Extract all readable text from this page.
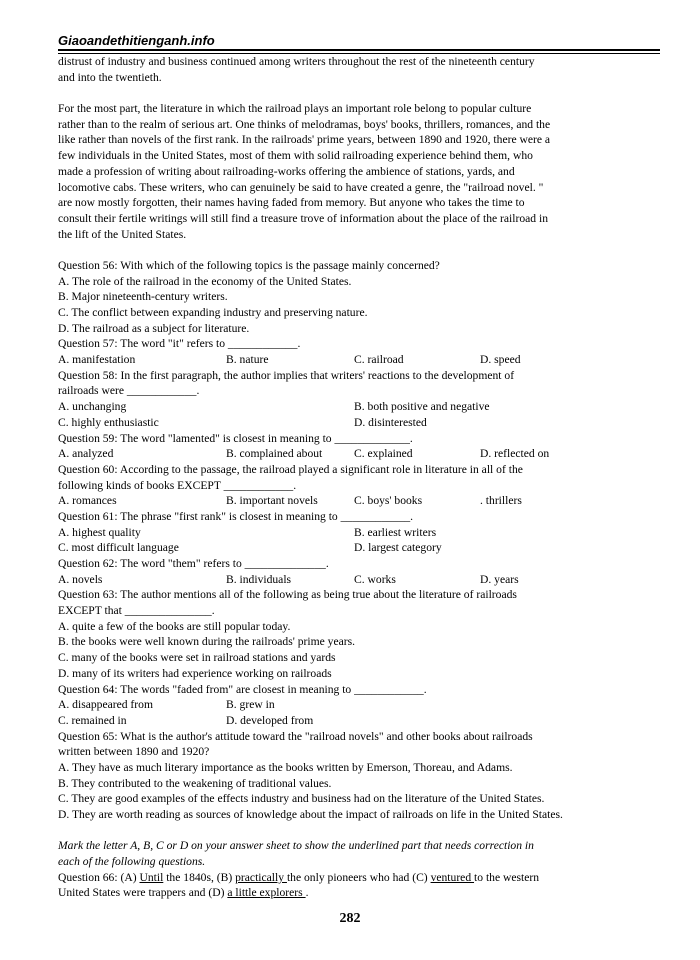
Giaoandethitienganh.info
distrust of industry and business continued among writers throughout the rest of the nineteenth century
and into the twentieth.
For the most part, the literature in which the railroad plays an important role belong to popular culture
rather than to the realm of serious art. One thinks of melodramas, boys' books, thrillers, romances, and the
like rather than novels of the first rank. In the railroads' prime years, between 1890 and 1920, there were a
few individuals in the United States, most of them with solid railroading experience behind them, who
made a profession of writing about railroading-works offering the ambience of stations, yards, and
locomotive cabs. These writers, who can genuinely be said to have created a genre, the "railroad novel. "
are now mostly forgotten, their names having faded from memory. But anyone who takes the time to
consult their fertile writings will still find a treasure trove of information about the place of the railroad in
the lift of the United States.
Question 56: With which of the following topics is the passage mainly concerned?
A. The role of the railroad in the economy of the United States.
B. Major nineteenth-century writers.
C. The conflict between expanding industry and preserving nature.
D. The railroad as a subject for literature.
Question 57: The word "it" refers to ____________.
A. manifestation	B. nature	C. railroad	D. speed
Question 58: In the first paragraph, the author implies that writers' reactions to the development of
railroads were ____________.
A. unchanging	B. both positive and negative
C. highly enthusiastic	D. disinterested
Question 59: The word "lamented" is closest in meaning to _____________.
A. analyzed	B. complained about	C. explained	D. reflected on
Question 60: According to the passage, the railroad played a significant role in literature in all of the
following kinds of books EXCEPT ____________.
A. romances	B. important novels	C. boys' books	. thrillers
Question 61: The phrase "first rank" is closest in meaning to ____________.
A. highest quality	B. earliest writers
C. most difficult language	D. largest category
Question 62: The word "them" refers to ______________.
A. novels	B. individuals	C. works	D. years
Question 63: The author mentions all of the following as being true about the literature of railroads
EXCEPT that _______________.
A. quite a few of the books are still popular today.
B. the books were well known during the railroads' prime years.
C. many of the books were set in railroad stations and yards
D. many of its writers had experience working on railroads
Question 64: The words "faded from" are closest in meaning to ____________.
A. disappeared from	B. grew in
C. remained in	D. developed from
Question 65: What is the author's attitude toward the "railroad novels" and other books about railroads
written between 1890 and 1920?
A. They have as much literary importance as the books written by Emerson, Thoreau, and Adams.
B. They contributed to the weakening of traditional values.
C. They are good examples of the effects industry and business had on the literature of the United States.
D. They are worth reading as sources of knowledge about the impact of railroads on life in the United States.
Mark the letter A, B, C or D on your answer sheet to show the underlined part that needs correction in
each of the following questions.
Question 66: (A) Until the 1840s, (B) practically the only pioneers who had (C) ventured to the western
United States were trappers and (D) a little explorers .
282
